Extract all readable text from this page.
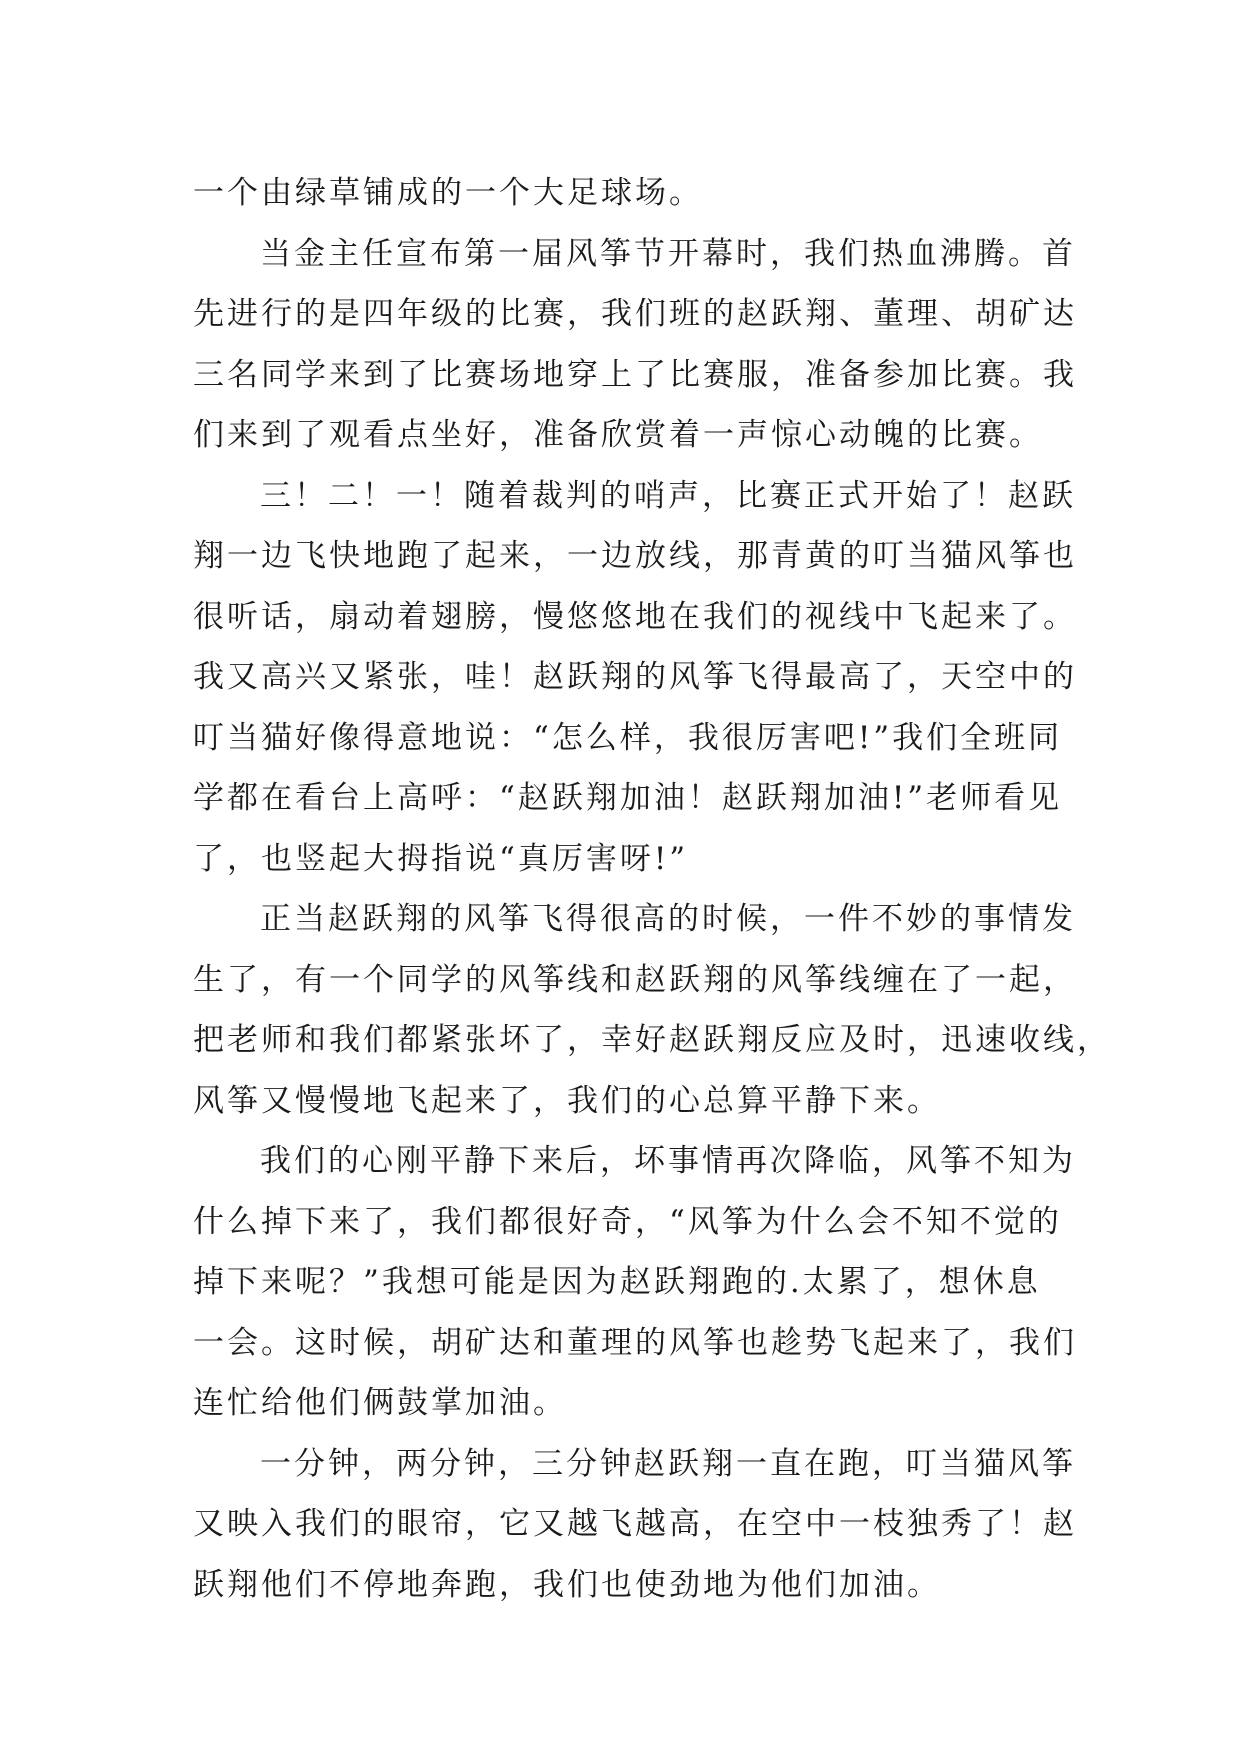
一个由绿草铺成的一个大足球场。
当金主任宣布第一届风筝节开幕时，我们热血沸腾。首
先进行的是四年级的比赛，我们班的赵跃翔、董理、胡矿达
三名同学来到了比赛场地穿上了比赛服，准备参加比赛。我
们来到了观看点坐好，准备欣赏着一声惊心动魄的比赛。
三！二！一！随着裁判的哨声，比赛正式开始了！赵跃
翔一边飞快地跑了起来，一边放线，那青黄的叮当猫风筝也
很听话，扇动着翅膀，慢悠悠地在我们的视线中飞起来了。
我又高兴又紧张，哇！赵跃翔的风筝飞得最高了，天空中的
叮当猫好像得意地说：“怎么样，我很厉害吧!”我们全班同
学都在看台上高呼：“赵跃翔加油！赵跃翔加油!”老师看见
了，也竖起大拇指说“真厉害呀!”
正当赵跃翔的风筝飞得很高的时候，一件不妙的事情发
生了，有一个同学的风筝线和赵跃翔的风筝线缠在了一起，
把老师和我们都紧张坏了，幸好赵跃翔反应及时，迅速收线，
风筝又慢慢地飞起来了，我们的心总算平静下来。
我们的心刚平静下来后，坏事情再次降临，风筝不知为
什么掉下来了，我们都很好奇，“风筝为什么会不知不觉的
掉下来呢？”我想可能是因为赵跃翔跑的.太累了，想休息
一会。这时候，胡矿达和董理的风筝也趁势飞起来了，我们
连忙给他们俩鼓掌加油。
一分钟，两分钟，三分钟赵跃翔一直在跑，叮当猫风筝
又映入我们的眼帘，它又越飞越高，在空中一枝独秀了！赵
跃翔他们不停地奔跑，我们也使劲地为他们加油。
